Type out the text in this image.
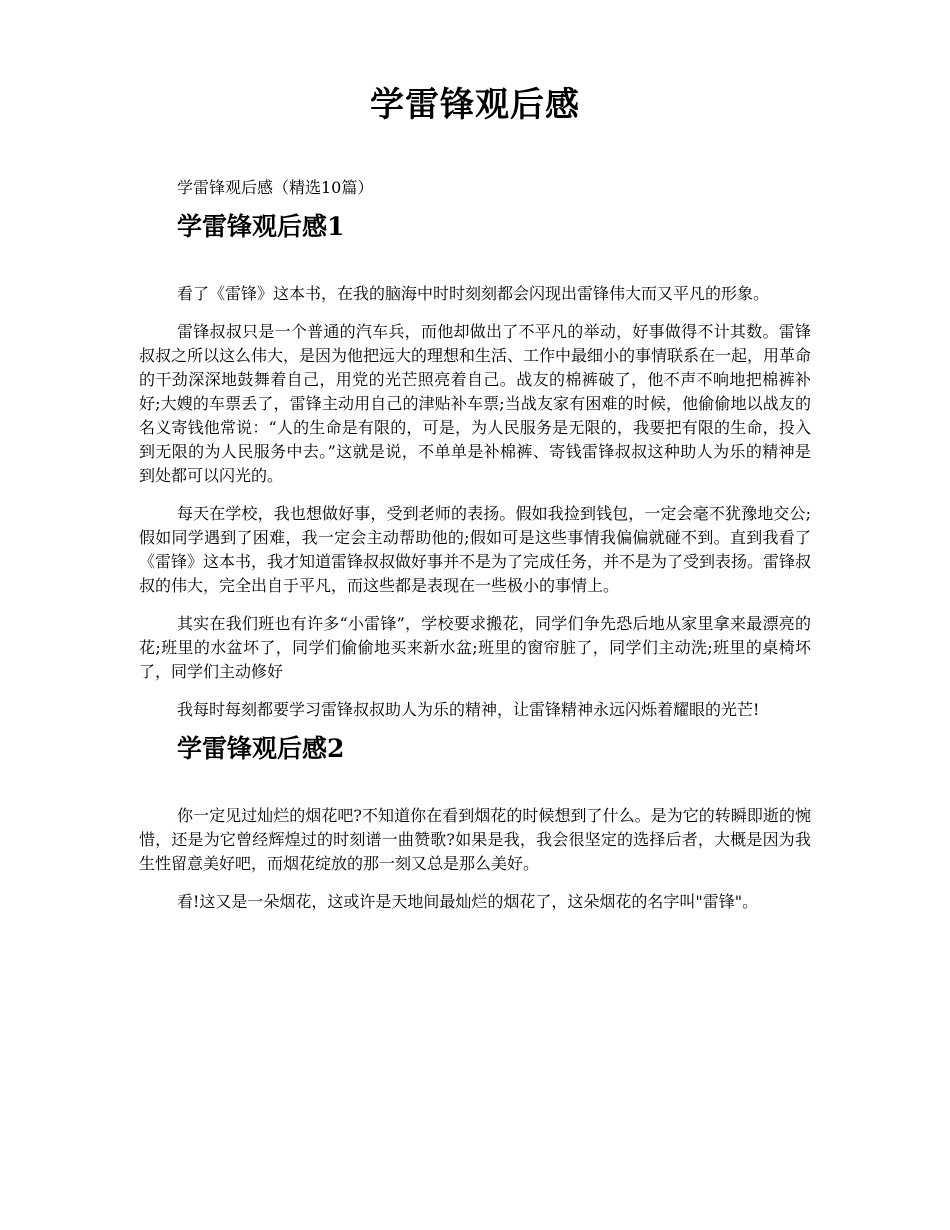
学雷锋观后感

学雷锋观后感（精选10篇）

学雷锋观后感1

看了《雷锋》这本书，在我的脑海中时时刻刻都会闪现出雷锋伟大而又平凡的形象。

雷锋叔叔只是一个普通的汽车兵，而他却做出了不平凡的举动，好事做得不计其数。雷锋叔叔之所以这么伟大，是因为他把远大的理想和生活、工作中最细小的事情联系在一起，用革命的干劲深深地鼓舞着自己，用党的光芒照亮着自己。战友的棉裤破了，他不声不响地把棉裤补好;大嫂的车票丢了，雷锋主动用自己的津贴补车票;当战友家有困难的时候，他偷偷地以战友的名义寄钱他常说：“人的生命是有限的，可是，为人民服务是无限的，我要把有限的生命，投入到无限的为人民服务中去。”这就是说，不单单是补棉裤、寄钱雷锋叔叔这种助人为乐的精神是到处都可以闪光的。

每天在学校，我也想做好事，受到老师的表扬。假如我捡到钱包，一定会毫不犹豫地交公;假如同学遇到了困难，我一定会主动帮助他的;假如可是这些事情我偏偏就碰不到。直到我看了《雷锋》这本书，我才知道雷锋叔叔做好事并不是为了完成任务，并不是为了受到表扬。雷锋叔叔的伟大，完全出自于平凡，而这些都是表现在一些极小的事情上。

其实在我们班也有许多“小雷锋”，学校要求搬花，同学们争先恐后地从家里拿来最漂亮的花;班里的水盆坏了，同学们偷偷地买来新水盆;班里的窗帘脏了，同学们主动洗;班里的桌椅坏了，同学们主动修好

我每时每刻都要学习雷锋叔叔助人为乐的精神，让雷锋精神永远闪烁着耀眼的光芒!

学雷锋观后感2

你一定见过灿烂的烟花吧?不知道你在看到烟花的时候想到了什么。是为它的转瞬即逝的惋惜，还是为它曾经辉煌过的时刻谱一曲赞歌?如果是我，我会很坚定的选择后者，大概是因为我生性留意美好吧，而烟花绽放的那一刻又总是那么美好。

看!这又是一朵烟花，这或许是天地间最灿烂的烟花了，这朵烟花的名字叫"雷锋"。
